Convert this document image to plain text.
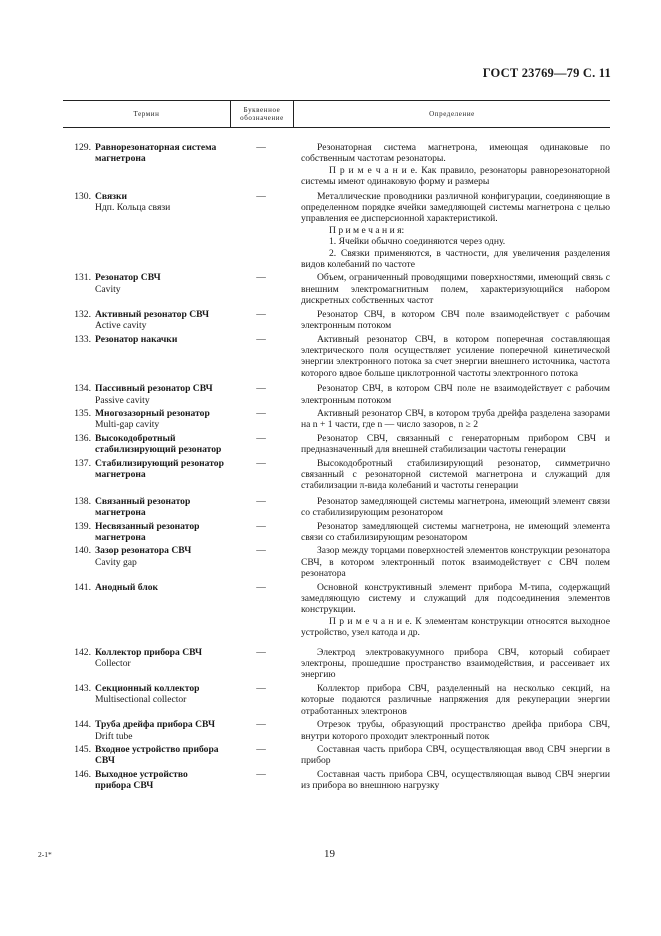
ГОСТ 23769—79 С. 11
Термин	Буквенное обозначение	Определение
129. Равнорезонаторная система магнетрона
—	Резонаторная система магнетрона, имеющая одинаковые по собственным частотам резонаторы.

П р и м е ч а н и е. Как правило, резонаторы равнорезонаторной системы имеют одинаковую форму и размеры

130. Связки
Ндп. Кольца связи
—	Металлические проводники различной конфигурации, соединяющие в определенном порядке ячейки замедляющей системы магнетрона с целью управления ее дисперсионной характеристикой.

П р и м е ч а н и я:

1. Ячейки обычно соединяются через одну.

2. Связки применяются, в частности, для увеличения разделения видов колебаний по частоте

131. Резонатор СВЧ
Cavity
—	Объем, ограниченный проводящими поверхностями, имеющий связь с внешним электромагнитным полем, характеризующийся набором дискретных собственных частот

132. Активный резонатор СВЧ
Active cavity
—	Резонатор СВЧ, в котором СВЧ поле взаимодействует с рабочим электронным потоком

133. Резонатор накачки	—	Активный резонатор СВЧ, в котором поперечная составляющая электрического поля осуществляет усиление поперечной кинетической энергии электронного потока за счет энергии внешнего источника, частота которого вдвое больше циклотронной частоты электронного потока

134. Пассивный резонатор СВЧ
Passive cavity
—	Резонатор СВЧ, в котором СВЧ поле не взаимодействует с рабочим электронным потоком

135. Многозазорный резонатор
Multi-gap cavity
—	Активный резонатор СВЧ, в котором труба дрейфа разделена зазорами на n + 1 части, где n — число зазоров, n ≥ 2

136. Высокодобротный стабилизирующий резонатор
—	Резонатор СВЧ, связанный с генераторным прибором СВЧ и предназначенный для внешней стабилизации частоты генерации

137. Стабилизирующий резонатор магнетрона
—	Высокодобротный стабилизирующий резонатор, симметрично связанный с резонаторной системой магнетрона и служащий для стабилизации π-вида колебаний и частоты генерации

138. Связанный резонатор магнетрона
—	Резонатор замедляющей системы магнетрона, имеющий элемент связи со стабилизирующим резонатором

139. Несвязанный резонатор магнетрона
—	Резонатор замедляющей системы магнетрона, не имеющий элемента связи со стабилизирующим резонатором

140. Зазор резонатора СВЧ
Cavity gap
—	Зазор между торцами поверхностей элементов конструкции резонатора СВЧ, в котором электронный поток взаимодействует с СВЧ полем резонатора

141. Анодный блок	—	Основной конструктивный элемент прибора М-типа, содержащий замедляющую систему и служащий для подсоединения элементов конструкции.

П р и м е ч а н и е. К элементам конструкции относятся выходное устройство, узел катода и др.

142. Коллектор прибора СВЧ
Collector
—	Электрод электровакуумного прибора СВЧ, который собирает электроны, прошедшие пространство взаимодействия, и рассеивает их энергию

143. Секционный коллектор
Multisectional collector
—	Коллектор прибора СВЧ, разделенный на несколько секций, на которые подаются различные напряжения для рекуперации энергии отработанных электронов

144. Труба дрейфа прибора СВЧ
Drift tube
—	Отрезок трубы, образующий пространство дрейфа прибора СВЧ, внутри которого проходит электронный поток

145. Входное устройство прибора СВЧ
—	Составная часть прибора СВЧ, осуществляющая ввод СВЧ энергии в прибор

146. Выходное устройство прибора СВЧ
—	Составная часть прибора СВЧ, осуществляющая вывод СВЧ энергии из прибора во внешнюю нагрузку

2-1*	19
